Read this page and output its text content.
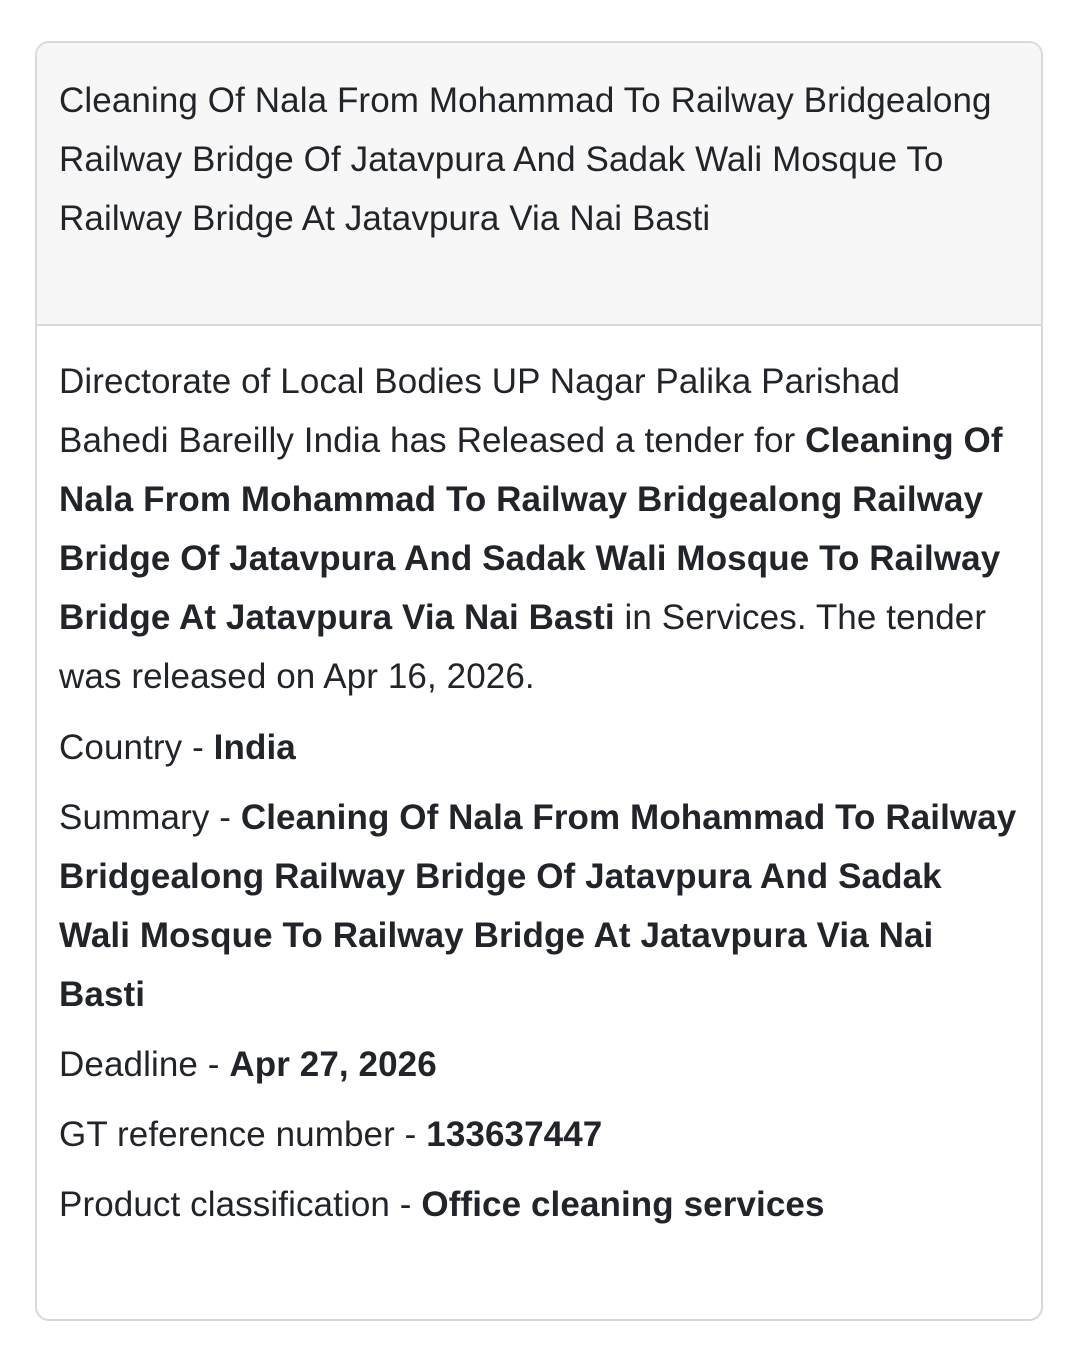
Cleaning Of Nala From Mohammad To Railway Bridgealong Railway Bridge Of Jatavpura And Sadak Wali Mosque To Railway Bridge At Jatavpura Via Nai Basti

Directorate of Local Bodies UP Nagar Palika Parishad Bahedi Bareilly India has Released a tender for Cleaning Of Nala From Mohammad To Railway Bridgealong Railway Bridge Of Jatavpura And Sadak Wali Mosque To Railway Bridge At Jatavpura Via Nai Basti in Services. The tender was released on Apr 16, 2026.

Country - India

Summary - Cleaning Of Nala From Mohammad To Railway Bridgealong Railway Bridge Of Jatavpura And Sadak Wali Mosque To Railway Bridge At Jatavpura Via Nai Basti

Deadline - Apr 27, 2026

GT reference number - 133637447

Product classification - Office cleaning services
